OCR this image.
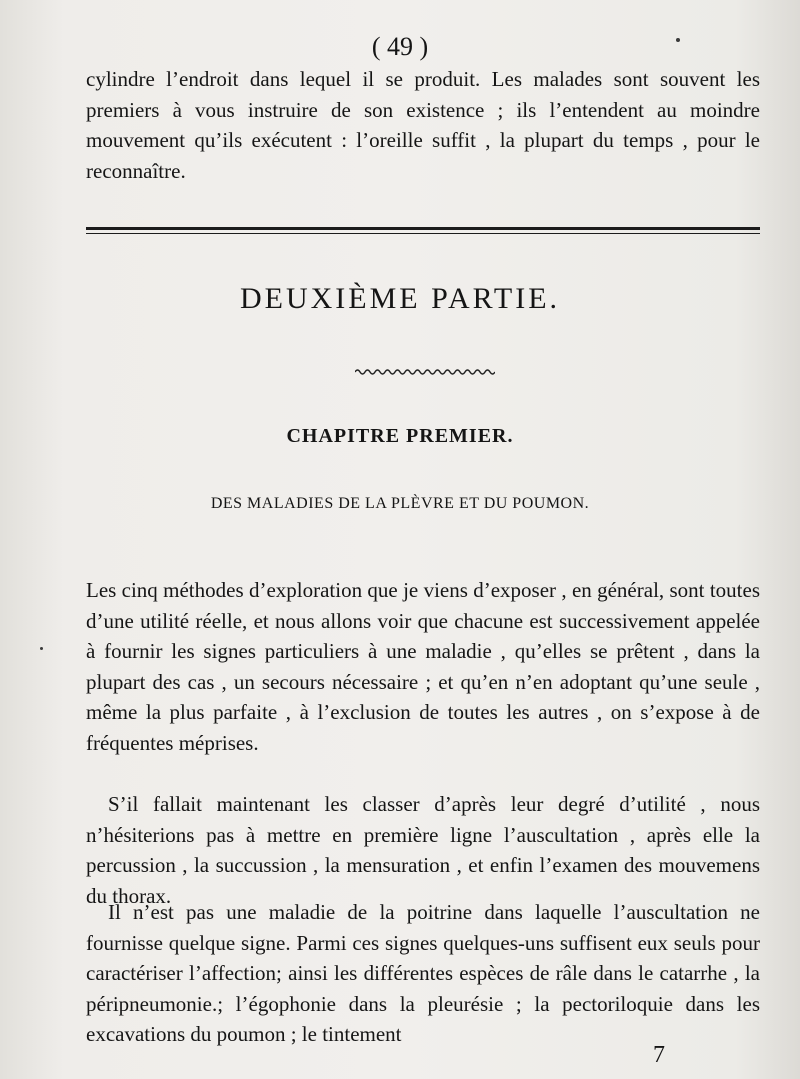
( 49 )

cylindre l’endroit dans lequel il se produit. Les malades sont souvent les premiers à vous instruire de son existence ; ils l’entendent au moindre mouvement qu’ils exécutent : l’oreille suffit , la plupart du temps , pour le reconnaître.

DEUXIÈME PARTIE.
CHAPITRE PREMIER.
DES MALADIES DE LA PLÈVRE ET DU POUMON.

Les cinq méthodes d’exploration que je viens d’exposer , en général, sont toutes d’une utilité réelle, et nous allons voir que chacune est successivement appelée à fournir les signes particuliers à une maladie , qu’elles se prêtent , dans la plupart des cas , un secours nécessaire ; et qu’en n’en adoptant qu’une seule , même la plus parfaite , à l’exclusion de toutes les autres , on s’expose à de fréquentes méprises.

S’il fallait maintenant les classer d’après leur degré d’utilité , nous n’hésiterions pas à mettre en première ligne l’auscultation , après elle la percussion , la succussion , la mensuration , et enfin l’examen des mouvemens du thorax.

Il n’est pas une maladie de la poitrine dans laquelle l’auscultation ne fournisse quelque signe. Parmi ces signes quelques-uns suffisent eux seuls pour caractériser l’affection; ainsi les différentes espèces de râle dans le catarrhe , la péripneumonie.; l’égophonie dans la pleurésie ; la pectoriloquie dans les excavations du poumon ; le tintement

7
